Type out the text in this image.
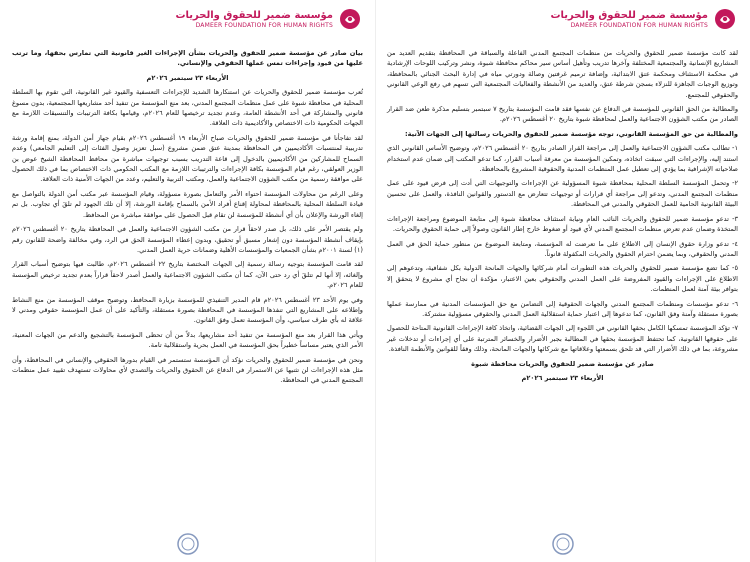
مؤسسة ضمير للحقوق والحريات
DAMEER FOUNDATION FOR HUMAN RIGHTS

لقد كانت مؤسسة ضمير للحقوق والحريات من منظمات المجتمع المدني الفاعلة والسباقة في المحافظة بتقديم العديد من المشاريع الإنسانية والمجتمعية المختلفة وآخرها تدريب وتأهيل أساس سير محاكم محافظة شبوة، ونشر وتركيب اللوحات الإرشادية في محكمة الاستئناف ومحكمة عتق الابتدائية، وإضافة ترميم غرفتين وصالة ودورتي مياه في إدارة البحث الجنائي بالمحافظة، وتوزيع الوجبات الجاهزة للنزلاء بسجن شرطة عتق، والعديد من الأنشطة والفعاليات المجتمعية التي تسهم في رفع الوعي القانوني والحقوقي للمجتمع.

والمطالبة من الحق القانوني للمؤسسة في الدفاع عن نفسها فقد قامت المؤسسة بتاريخ ٧ سبتمبر بتسليم مذكرة طعن ضد القرار الصادر من مكتب الشؤون الاجتماعية والعمل لمحافظة شبوة بتاريخ ٢٠ أغسطس ٢٠٢٦م.

والمطالبة من حق المؤسسة القانوني، توجه مؤسسة ضمير للحقوق والحريات رسالتها إلى الجهات الآتية:

١- تطالب مكتب الشؤون الاجتماعية والعمل إلى مراجعة القرار الصادر بتاريخ ٢٠ أغسطس ٢٠٢٦م، وتوضيح الأساس القانوني الذي استند إليه، والإجراءات التي سبقت اتخاذه، وتمكين المؤسسة من معرفة أسباب القرار، كما تدعو المكتب إلى ضمان عدم استخدام صلاحياته الإشرافية بما يؤدي إلى تعطيل عمل المنظمات المدنية والحقوقية المشروع بالمحافظة.

٢- وتحمل المؤسسة السلطة المحلية بمحافظة شبوة المسؤولية عن الإجراءات والتوجيهات التي أدت إلى فرض قيود على عمل منظمات المجتمع المدني، وتدعو إلى مراجعة أي قرارات أو توجيهات تتعارض مع الدستور والقوانين النافذة، والعمل على تحسين البيئة القانونية الحامية للعمل الحقوقي والمدني في المحافظة.

٣- تدعو مؤسسة ضمير للحقوق والحريات النائب العام ونيابة استئناف محافظة شبوة إلى متابعة الموضوع ومراجعة الإجراءات المتخذة وضمان عدم تعرض منظمات المجتمع المدني لأي قيود أو ضغوط خارج إطار القانون وصولاً إلى حماية الحقوق والحريات.

٤- تدعو وزارة حقوق الإنسان إلى الاطلاع على ما تعرضت له المؤسسة، ومتابعة الموضوع من منظور حماية الحق في العمل المدني والحقوقي، وبما يضمن احترام الحقوق والحريات المكفولة قانوناً.

٥- كما تضع مؤسسة ضمير للحقوق والحريات هذه التطورات أمام شركائها والجهات المانحة الدولية بكل شفافية، وتدعوهم إلى الاطلاع على الإجراءات والقيود المفروضة على العمل المدني والحقوقي بعين الاعتبار، مؤكدة أن نجاح أي مشروع لا يتحقق إلا بتوافر بيئة آمنة لعمل المنظمات.

٦- تدعو مؤسسات ومنظمات المجتمع المدني والجهات الحقوقية إلى التضامن مع حق المؤسسات المدنية في ممارسة عملها بصورة مستقلة وآمنة وفق القانون، كما تدعوها إلى اعتبار حماية استقلالية العمل المدني والحقوقي مسؤولية مشتركة.

٧- تؤكد المؤسسة تمسكها الكامل بحقها القانوني في اللجوء إلى الجهات القضائية، واتخاذ كافة الإجراءات القانونية المتاحة للحصول على حقوقها القانونية، كما تحتفظ المؤسسة بحقها في المطالبة بجبر الأضرار والخسائر المترتبة على أي إجراءات أو تدخلات غير مشروعة، بما في ذلك الأضرار التي قد تلحق بسمعتها وعلاقاتها مع شركائها والجهات المانحة، وذلك وفقاً للقوانين والأنظمة النافذة.

صادر عن مؤسسة ضمير للحقوق والحريات محافظة شبوة
الأربعاء ٢٣ سبتمبر ٢٠٢٦م
مؤسسة ضمير للحقوق والحريات
DAMEER FOUNDATION FOR HUMAN RIGHTS

بيان صادر عن مؤسسة ضمير للحقوق والحريات بشأن الإجراءات الغير قانونية التي تمارس بحقها، وما ترتب عليها من قيود وإجراءات تمس عملها الحقوقي والإنساني.

الأربعاء ٢٣ سبتمبر ٢٠٢٦م

تُعرب مؤسسة ضمير للحقوق والحريات عن استنكارها الشديد للإجراءات التعسفية والقيود غير القانونية، التي تقوم بها السلطة المحلية في محافظة شبوة على عمل منظمات المجتمع المدني، بعد منع المؤسسة من تنفيذ أحد مشاريعها المجتمعية، بدون مسوغ قانوني والمشاركة في أحد الأنشطة العامة، وعدم تجديد ترخيصها للعام ٢٠٢٦م، وقيامها بكافة الترتيبات والتنسيقات اللازمة مع الجهات الحكومية ذات الاختصاص والأكاديمية ذات العلاقة.

لقد تفاجأنا في مؤسسة ضمير للحقوق والحريات صباح الأربعاء ١٩ أغسطس ٢٠٢٦م بقيام جهاز أمن الدولة، بمنع إقامة ورشة تدريبية لمنتسبات الأكاديميين في المحافظة بمدينة عتق ضمن مشروع (سبل تعزيز وصول الفئات إلى التعليم الجامعي) وعدم السماح للمشاركين من الأكاديميين بالدخول إلى قاعة التدريب بسبب توجيهات مباشرة من محافظ المحافظة الشيخ عوض بن الوزير العولقي، رغم قيام المؤسسة بكافة الإجراءات والترتيبات اللازمة مع المكتب الحكومي ذات الاختصاص بما في ذلك الحصول على موافقة رسمية من مكتب الشؤون الاجتماعية والعمل، ومكتب التربية والتعليم، وعدد من الجهات الأمنية ذات العلاقة.

وعلى الرغم من محاولات المؤسسة احتواء الأمر والتعامل بصورة مسؤولة، وقيام المؤسسة عبر مكتب أمن الدولة بالتواصل مع قيادة السلطة المحلية بالمحافظة لمحاولة إقناع أفراد الأمن بالسماح بإقامة الورشة، إلا أن تلك الجهود لم تلقَ أي تجاوب. بل تم إلغاء الورشة والإعلان بأن أي أنشطة للمؤسسة لن تقام قبل الحصول على موافقة مباشرة من المحافظ.

ولم يقتصر الأمر على ذلك، بل صدر لاحقاً قرار من مكتب الشؤون الاجتماعية والعمل في المحافظة بتاريخ ٢٠ أغسطس ٢٠٢٦م بإيقاف أنشطة المؤسسة دون إشعار مسبق أو تحقيق، وبدون إعطاء المؤسسة الحق في الرد، وفي مخالفة واضحة للقانون رقم (١) لسنة ٢٠٠١م بشأن الجمعيات والمؤسسات الأهلية وضمانات حرية العمل المدني.

لقد قامت المؤسسة بتوجيه رسالة رسمية إلى الجهات المختصة بتاريخ ٢٢ أغسطس ٢٠٢٦م، طالبت فيها بتوضيح أسباب القرار وإلغائه، إلا أنها لم تتلقَ أي رد حتى الآن، كما أن مكتب الشؤون الاجتماعية والعمل أصدر لاحقاً قراراً بعدم تجديد ترخيص المؤسسة للعام ٢٠٢٦م.

وفي يوم الأحد ٢٣ أغسطس ٢٠٢٦م قام المدير التنفيذي للمؤسسة بزيارة المحافظ، وتوضيح موقف المؤسسة من منع النشاط وإطلاعه على المشاريع التي تنفذها المؤسسة في المحافظة بصورة مستقلة، والتأكيد على أن عمل المؤسسة حقوقي ومدني لا علاقة له بأي طرف سياسي، وأن المؤسسة تعمل وفق القانون.

ويأتي هذا القرار بعد منع المؤسسة من تنفيذ أحد مشاريعها، بدلاً من أن تحظى المؤسسة بالتشجيع والدعم من الجهات المعنية، الأمر الذي يعتبر مساساً خطيراً بحق المؤسسة في العمل بحرية واستقلالية تامة.

ونحن في مؤسسة ضمير للحقوق والحريات نؤكد أن المؤسسة ستستمر في القيام بدورها الحقوقي والإنساني في المحافظة، وأن مثل هذه الإجراءات لن تثنيها عن الاستمرار في الدفاع عن الحقوق والحريات والتصدي لأي محاولات تستهدف تقييد عمل منظمات المجتمع المدني في المحافظة.
